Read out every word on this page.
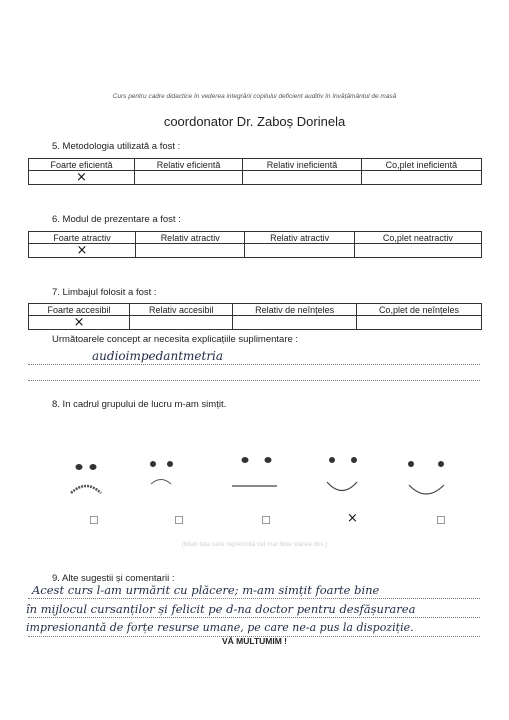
Curs pentru cadre didactice în vederea integrării copilului deficient auditiv în învățământul de masă
coordonator Dr. Zaboș Dorinela
5. Metodologia utilizată a fost :
Foarte eficientă	Relativ eficientă	Relativ ineficientă	Co,plet ineficientă
×			
6. Modul de prezentare a fost :
Foarte atractiv	Relativ atractiv	Relativ atractiv	Co,plet neatractiv
×			
7. Limbajul folosit a fost :
Foarte accesibil	Relativ accesibil	Relativ de neînțeles	Co,plet de neînțeles
×			
Următoarele concept ar necesita explicațiile suplimentare :
audioimpedantmetria
8. In cadrul grupului de lucru m-am simțit.
×
(bifați fața care reprezintă cel mai bine starea dvs.)
9. Alte sugestii și comentarii :
Acest curs l-am urmărit cu plăcere; m-am simțit foarte bine
în mijlocul cursanților și felicit pe d-na doctor pentru desfășurarea
impresionantă de forțe resurse umane, pe care ne-a pus la dispoziție.
VĂ MULTUMIM !
